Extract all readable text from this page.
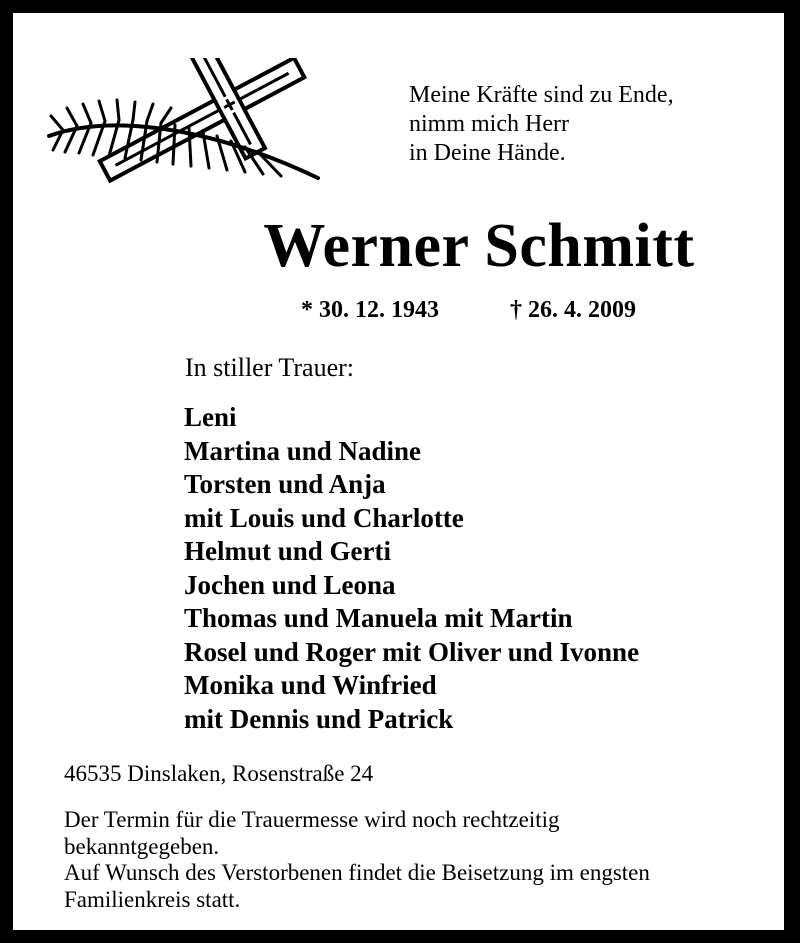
Meine Kräfte sind zu Ende,
nimm mich Herr
in Deine Hände.
Werner Schmitt
* 30. 12. 1943	† 26. 4. 2009
In stiller Trauer:
Leni
Martina und Nadine
Torsten und Anja
mit Louis und Charlotte
Helmut und Gerti
Jochen und Leona
Thomas und Manuela mit Martin
Rosel und Roger mit Oliver und Ivonne
Monika und Winfried
mit Dennis und Patrick
46535 Dinslaken, Rosenstraße 24
Der Termin für die Trauermesse wird noch rechtzeitig
bekanntgegeben.
Auf Wunsch des Verstorbenen findet die Beisetzung im engsten
Familienkreis statt.
